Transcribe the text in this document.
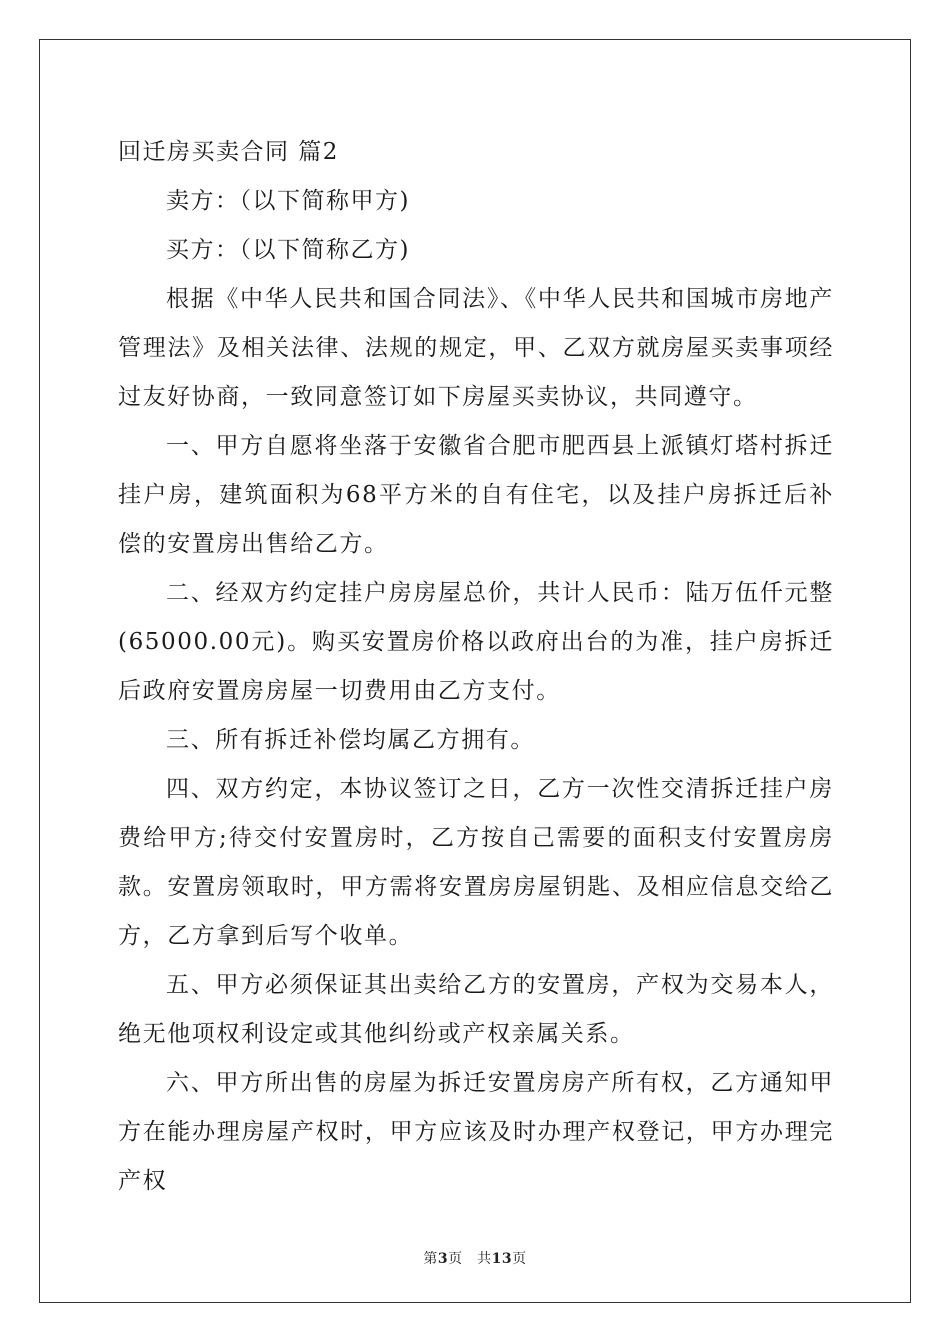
回迁房买卖合同 篇2
卖方：（以下简称甲方)
买方：（以下简称乙方)

根据《中华人民共和国合同法》、《中华人民共和国城市房地产管理法》及相关法律、法规的规定，甲、乙双方就房屋买卖事项经过友好协商，一致同意签订如下房屋买卖协议，共同遵守。

一、甲方自愿将坐落于安徽省合肥市肥西县上派镇灯塔村拆迁挂户房，建筑面积为68平方米的自有住宅，以及挂户房拆迁后补偿的安置房出售给乙方。

二、经双方约定挂户房房屋总价，共计人民币：陆万伍仟元整(65000.00元)。购买安置房价格以政府出台的为准，挂户房拆迁后政府安置房房屋一切费用由乙方支付。

三、所有拆迁补偿均属乙方拥有。

四、双方约定，本协议签订之日，乙方一次性交清拆迁挂户房费给甲方;待交付安置房时，乙方按自己需要的面积支付安置房房款。安置房领取时，甲方需将安置房房屋钥匙、及相应信息交给乙方，乙方拿到后写个收单。

五、甲方必须保证其出卖给乙方的安置房，产权为交易本人，绝无他项权利设定或其他纠纷或产权亲属关系。

六、甲方所出售的房屋为拆迁安置房房产所有权，乙方通知甲方在能办理房屋产权时，甲方应该及时办理产权登记，甲方办理完产权

第3页　共13页
